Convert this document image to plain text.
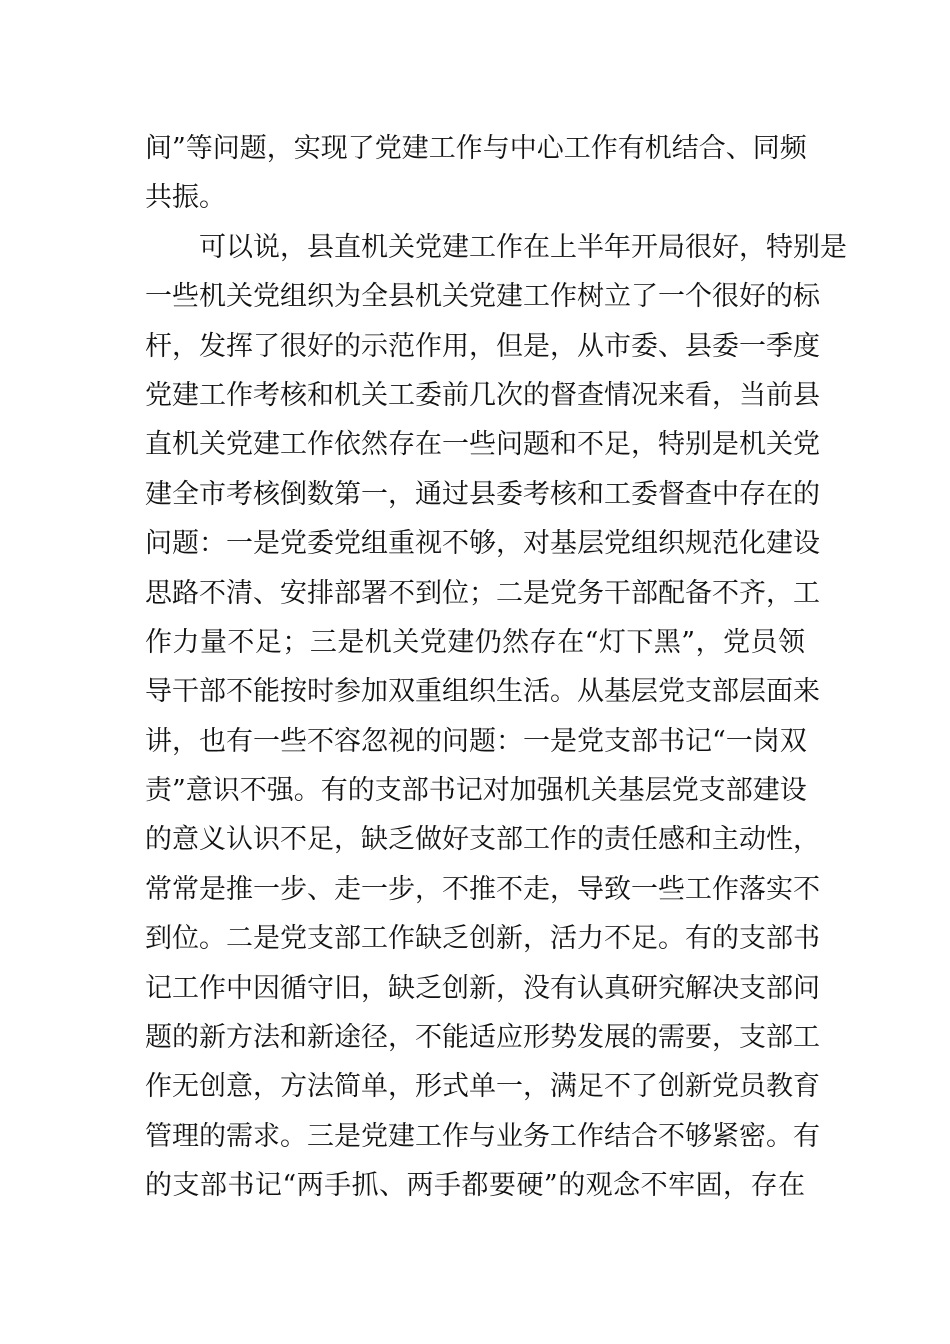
间”等问题，实现了党建工作与中心工作有机结合、同频
共振。
　　可以说，县直机关党建工作在上半年开局很好，特别是
一些机关党组织为全县机关党建工作树立了一个很好的标
杆，发挥了很好的示范作用，但是，从市委、县委一季度
党建工作考核和机关工委前几次的督查情况来看，当前县
直机关党建工作依然存在一些问题和不足，特别是机关党
建全市考核倒数第一，通过县委考核和工委督查中存在的
问题：一是党委党组重视不够，对基层党组织规范化建设
思路不清、安排部署不到位；二是党务干部配备不齐，工
作力量不足；三是机关党建仍然存在“灯下黑”，党员领
导干部不能按时参加双重组织生活。从基层党支部层面来
讲，也有一些不容忽视的问题：一是党支部书记“一岗双
责”意识不强。有的支部书记对加强机关基层党支部建设
的意义认识不足，缺乏做好支部工作的责任感和主动性，
常常是推一步、走一步，不推不走，导致一些工作落实不
到位。二是党支部工作缺乏创新，活力不足。有的支部书
记工作中因循守旧，缺乏创新，没有认真研究解决支部问
题的新方法和新途径，不能适应形势发展的需要，支部工
作无创意，方法简单，形式单一，满足不了创新党员教育
管理的需求。三是党建工作与业务工作结合不够紧密。有
的支部书记“两手抓、两手都要硬”的观念不牢固，存在
